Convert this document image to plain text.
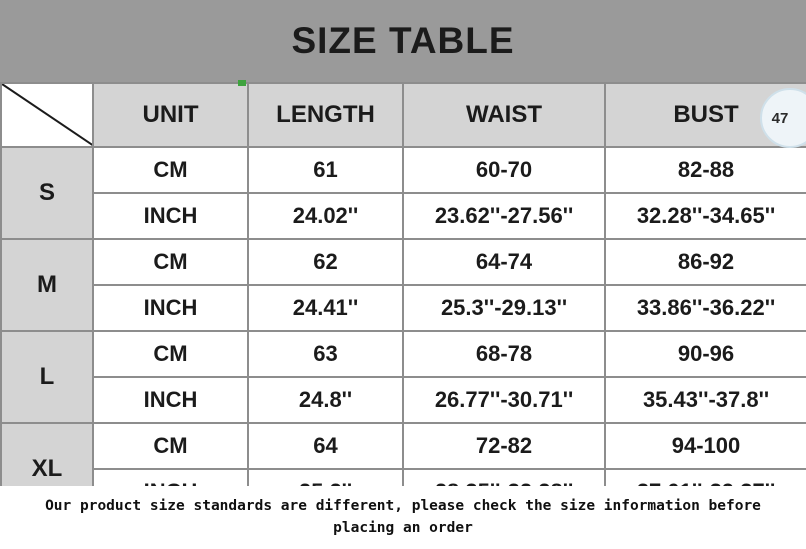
SIZE TABLE
47
	UNIT	LENGTH	WAIST	BUST
S	CM	61	60-70	82-88
	INCH	24.02''	23.62''-27.56''	32.28''-34.65''
M	CM	62	64-74	86-92
	INCH	24.41''	25.3''-29.13''	33.86''-36.22''
L	CM	63	68-78	90-96
	INCH	24.8''	26.77''-30.71''	35.43''-37.8''
XL	CM	64	72-82	94-100

Our product size standards are different, please check the size information before
placing an order
